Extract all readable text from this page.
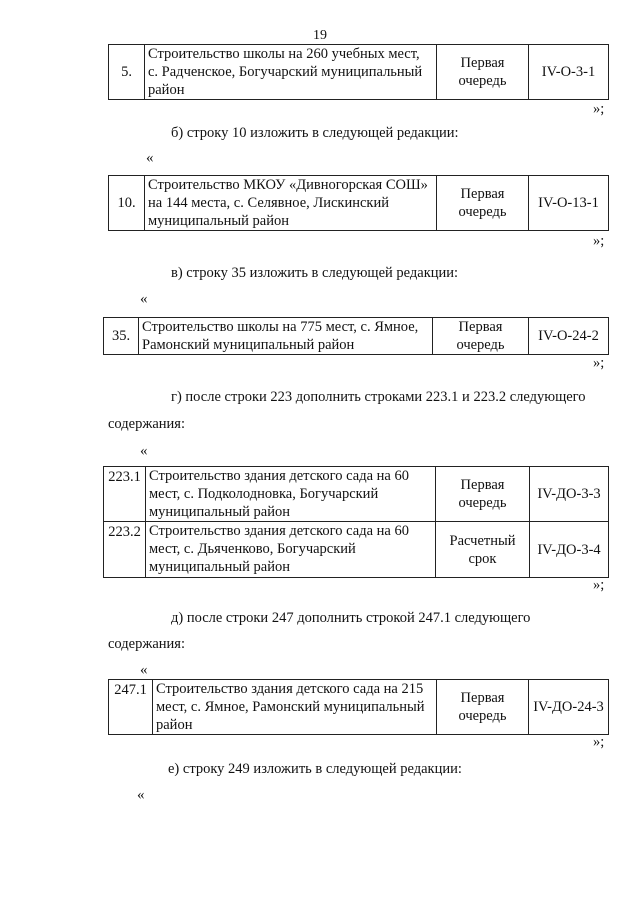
19
5.	Строительство школы на 260 учебных мест, с. Радченское, Богучарский муниципальный район	Первая очередь	IV-О-3-1
»;
б) строку 10 изложить в следующей редакции:
«
10.	Строительство МКОУ «Дивногорская СОШ» на 144 места, с. Селявное, Лискинский муниципальный район	Первая очередь	IV-О-13-1
»;
в) строку 35 изложить в следующей редакции:
«
35.	Строительство школы на 775 мест, с. Ямное, Рамонский муниципальный район	Первая очередь	IV-О-24-2
»;
г) после строки 223 дополнить строками 223.1 и 223.2 следующего
содержания:
«
223.1	Строительство здания детского сада на 60 мест, с. Подколодновка, Богучарский муниципальный район	Первая очередь	IV-ДО-3-3
223.2	Строительство здания детского сада на 60 мест, с. Дьяченково, Богучарский муниципальный район	Расчетный срок	IV-ДО-3-4
»;
д) после строки 247 дополнить строкой 247.1 следующего
содержания:
«
247.1	Строительство здания детского сада на 215 мест, с. Ямное, Рамонский муниципальный район	Первая очередь	IV-ДО-24-3
»;
е) строку 249 изложить в следующей редакции:
«
